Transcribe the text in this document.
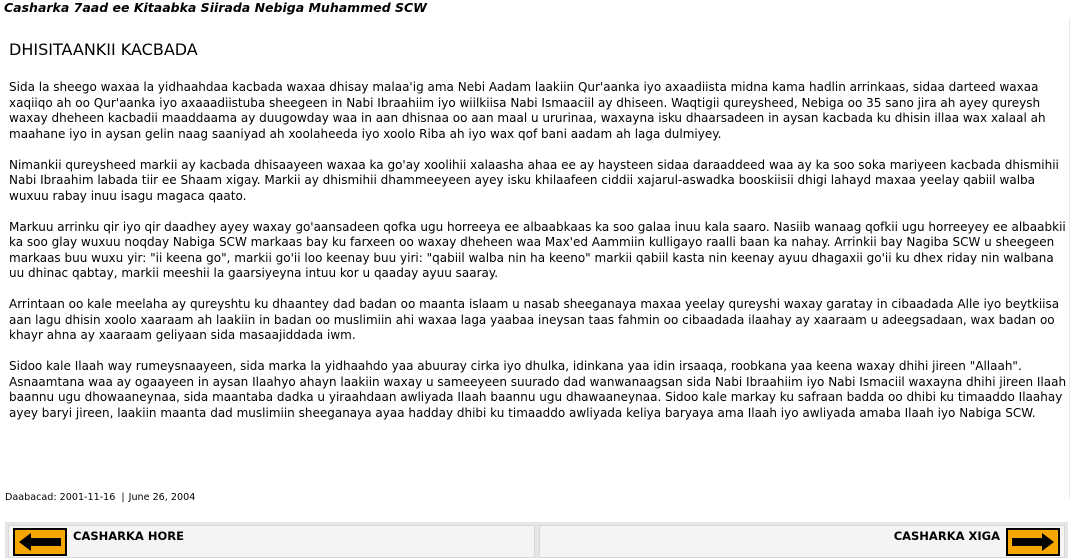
Casharka 7aad ee Kitaabka Siirada Nebiga Muhammed SCW
DHISITAANKII KACBADA

Sida la sheego waxaa la yidhaahdaa kacbada waxaa dhisay malaa'ig ama Nebi Aadam laakiin Qur'aanka iyo axaadiista midna kama hadlin arrinkaas, sidaa darteed waxaa xaqiiqo ah oo Qur'aanka iyo axaaadiistuba sheegeen in Nabi Ibraahiim iyo wiilkiisa Nabi Ismaaciil ay dhiseen. Waqtigii qureysheed, Nebiga oo 35 sano jira ah ayey qureysh waxay dheheen kacbadii maaddaama ay duugowday waa in aan dhisnaa oo aan maal u ururinaa, waxayna isku dhaarsadeen in aysan kacbada ku dhisin illaa wax xalaal ah maahane iyo in aysan gelin naag saaniyad ah xoolaheeda iyo xoolo Riba ah iyo wax qof bani aadam ah laga dulmiyey.

Nimankii qureysheed markii ay kacbada dhisaayeen waxaa ka go'ay xoolihii xalaasha ahaa ee ay haysteen sidaa daraaddeed waa ay ka soo soka mariyeen kacbada dhismihii Nabi Ibraahim labada tiir ee Shaam xigay. Markii ay dhismihii dhammeeyeen ayey isku khilaafeen ciddii xajarul-aswadka booskiisii dhigi lahayd maxaa yeelay qabiil walba wuxuu rabay inuu isagu magaca qaato.

Markuu arrinku qir iyo qir daadhey ayey waxay go'aansadeen qofka ugu horreeya ee albaabkaas ka soo galaa inuu kala saaro. Nasiib wanaag qofkii ugu horreeyey ee albaabkii ka soo glay wuxuu noqday Nabiga SCW markaas bay ku farxeen oo waxay dheheen waa Max'ed Aammiin kulligayo raalli baan ka nahay. Arrinkii bay Nagiba SCW u sheegeen markaas buu wuxu yir: "ii keena go", markii go'ii loo keenay buu yiri: "qabiil walba nin ha keeno" markii qabiil kasta nin keenay ayuu dhagaxii go'ii ku dhex riday nin walbana uu dhinac qabtay, markii meeshii la gaarsiyeyna intuu kor u qaaday ayuu saaray.

Arrintaan oo kale meelaha ay qureyshtu ku dhaantey dad badan oo maanta islaam u nasab sheeganaya maxaa yeelay qureyshi waxay garatay in cibaadada Alle iyo beytkiisa aan lagu dhisin xoolo xaaraam ah laakiin in badan oo muslimiin ahi waxaa laga yaabaa ineysan taas fahmin oo cibaadada ilaahay ay xaaraam u adeegsadaan, wax badan oo khayr ahna ay xaaraam geliyaan sida masaajiddada iwm.

Sidoo kale Ilaah way rumeysnaayeen, sida marka la yidhaahdo yaa abuuray cirka iyo dhulka, idinkana yaa idin irsaaqa, roobkana yaa keena waxay dhihi jireen "Allaah". Asnaamtana waa ay ogaayeen in aysan Ilaahyo ahayn laakiin waxay u sameeyeen suurado dad wanwanaagsan sida Nabi Ibraahiim iyo Nabi Ismaciil waxayna dhihi jireen Ilaah baannu ugu dhowaaneynaa, sida maantaba dadka u yiraahdaan awliyada Ilaah baannu ugu dhawaaneynaa. Sidoo kale markay ku safraan badda oo dhibi ku timaaddo Ilaahay ayey baryi jireen, laakiin maanta dad muslimiin sheeganaya ayaa hadday dhibi ku timaaddo awliyada keliya baryaya ama Ilaah iyo awliyada amaba Ilaah iyo Nabiga SCW.

Daabacad: 2001-11-16 | June 26, 2004
CASHARKA HORE	CASHARKA XIGA
